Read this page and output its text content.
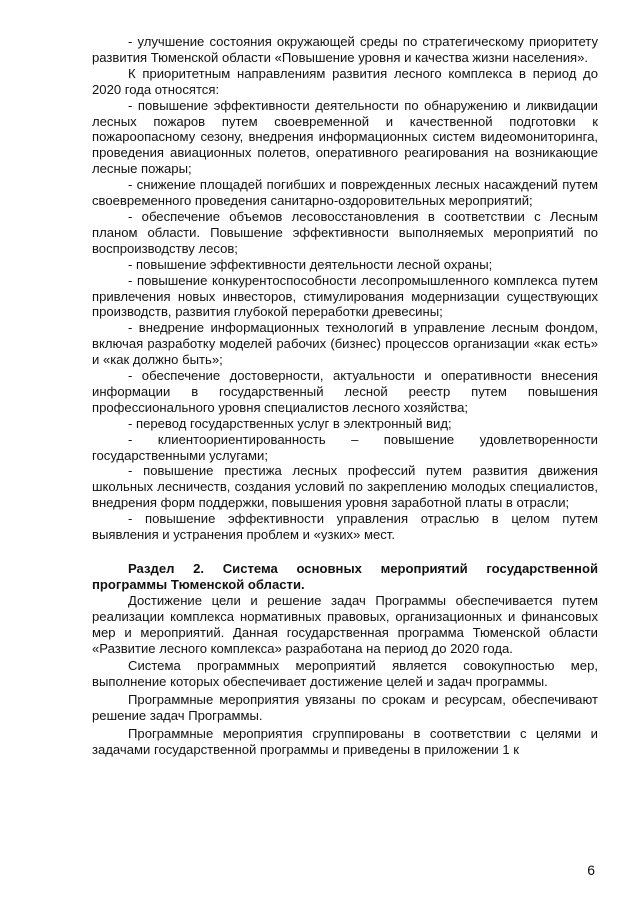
- улучшение состояния окружающей среды по стратегическому приоритету развития Тюменской области «Повышение уровня и качества жизни населения».

К приоритетным направлениям развития лесного комплекса в период до 2020 года относятся:

- повышение эффективности деятельности по обнаружению и ликвидации лесных пожаров путем своевременной и качественной подготовки к пожароопасному сезону, внедрения информационных систем видеомониторинга, проведения авиационных полетов, оперативного реагирования на возникающие лесные пожары;

- снижение площадей погибших и поврежденных лесных насаждений путем своевременного проведения санитарно-оздоровительных мероприятий;

- обеспечение объемов лесовосстановления в соответствии с Лесным планом области. Повышение эффективности выполняемых мероприятий по воспроизводству лесов;

- повышение эффективности деятельности лесной охраны;

- повышение конкурентоспособности лесопромышленного комплекса путем привлечения новых инвесторов, стимулирования модернизации существующих производств, развития глубокой переработки древесины;

- внедрение информационных технологий в управление лесным фондом, включая разработку моделей рабочих (бизнес) процессов организации «как есть» и «как должно быть»;

- обеспечение достоверности, актуальности и оперативности внесения информации в государственный лесной реестр путем повышения профессионального уровня специалистов лесного хозяйства;

- перевод государственных услуг в электронный вид;

- клиентоориентированность – повышение удовлетворенности государственными услугами;

- повышение престижа лесных профессий путем развития движения школьных лесничеств, создания условий по закреплению молодых специалистов, внедрения форм поддержки, повышения уровня заработной платы в отрасли;

- повышение эффективности управления отраслью в целом путем выявления и устранения проблем и «узких» мест.

Раздел 2. Система основных мероприятий государственной программы Тюменской области.

Достижение цели и решение задач Программы обеспечивается путем реализации комплекса нормативных правовых, организационных и финансовых мер и мероприятий. Данная государственная программа Тюменской области «Развитие лесного комплекса» разработана на период до 2020 года.

Система программных мероприятий является совокупностью мер, выполнение которых обеспечивает достижение целей и задач программы.

Программные мероприятия увязаны по срокам и ресурсам, обеспечивают решение задач Программы.

Программные мероприятия сгруппированы в соответствии с целями и задачами государственной программы и приведены в приложении 1 к

6
